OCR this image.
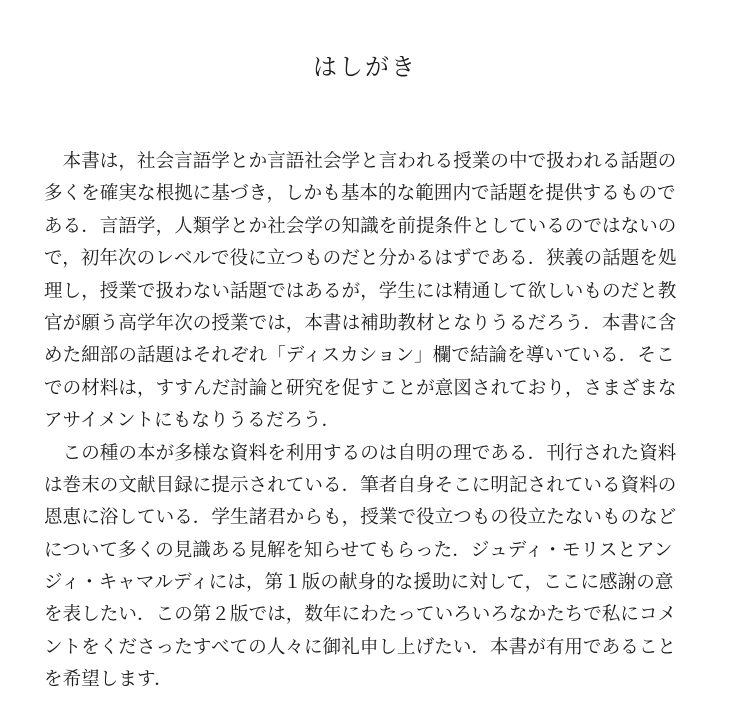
はしがき
　本書は，社会言語学とか言語社会学と言われる授業の中で扱われる話題の
多くを確実な根拠に基づき，しかも基本的な範囲内で話題を提供するもので
ある．言語学，人類学とか社会学の知識を前提条件としているのではないの
で，初年次のレベルで役に立つものだと分かるはずである．狭義の話題を処
理し，授業で扱わない話題ではあるが，学生には精通して欲しいものだと教
官が願う高学年次の授業では，本書は補助教材となりうるだろう．本書に含
めた細部の話題はそれぞれ「ディスカション」欄で結論を導いている．そこ
での材料は，すすんだ討論と研究を促すことが意図されており，さまざまな
アサイメントにもなりうるだろう．
　この種の本が多様な資料を利用するのは自明の理である．刊行された資料
は巻末の文献目録に提示されている．筆者自身そこに明記されている資料の
恩恵に浴している．学生諸君からも，授業で役立つもの役立たないものなど
について多くの見識ある見解を知らせてもらった．ジュディ・モリスとアン
ジィ・キャマルディには，第１版の献身的な援助に対して，ここに感謝の意
を表したい．この第２版では，数年にわたっていろいろなかたちで私にコメ
ントをくださったすべての人々に御礼申し上げたい．本書が有用であること
を希望します．
